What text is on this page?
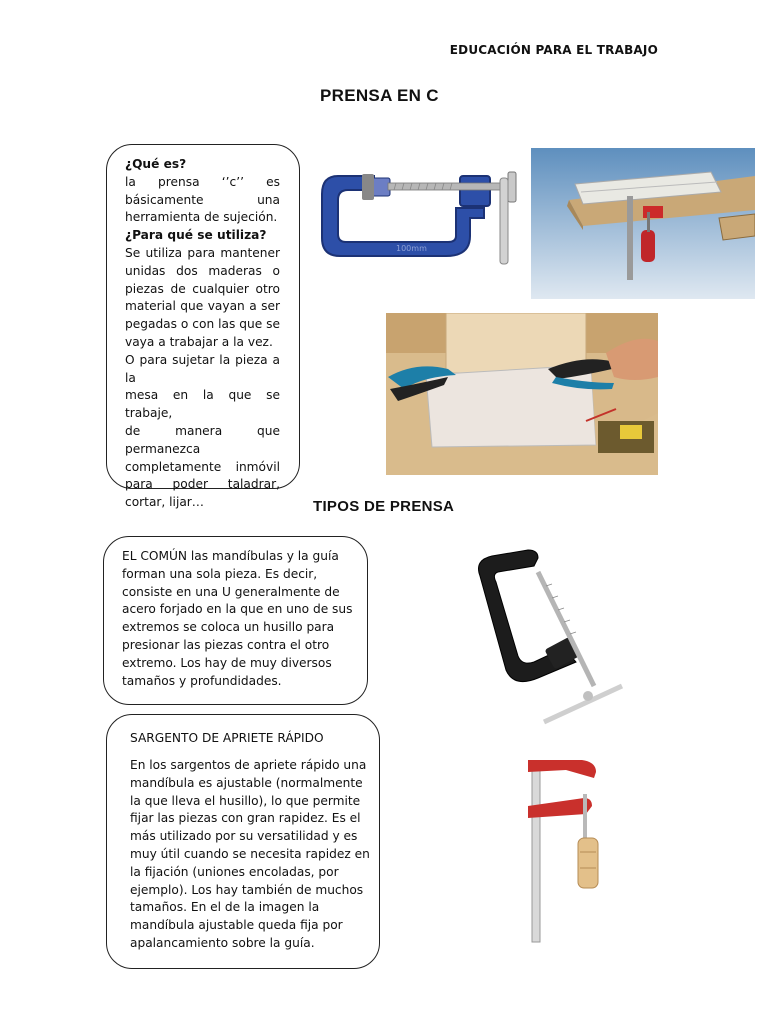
EDUCACIÓN PARA EL TRABAJO
PRENSA EN C
¿Qué es?
la prensa ‘’c’’ es
básicamente una
herramienta de sujeción.
¿Para qué se utiliza?
Se utiliza para mantener
unidas dos maderas o
piezas de cualquier otro
material que vayan a ser
pegadas o con las que se
vaya a trabajar a la vez.
O para sujetar la pieza a la
mesa en la que se trabaje,
de manera que
permanezca
completamente inmóvil
para poder taladrar,
cortar, lijar…
100mm
TIPOS DE PRENSA
EL COMÚN las mandíbulas y la guía
forman una sola pieza. Es decir,
consiste en una U generalmente de
acero forjado en la que en uno de sus
extremos se coloca un husillo para
presionar las piezas contra el otro
extremo. Los hay de muy diversos
tamaños y profundidades.
SARGENTO DE APRIETE RÁPIDO
En los sargentos de apriete rápido una
mandíbula es ajustable (normalmente
la que lleva el husillo), lo que permite
fijar las piezas con gran rapidez. Es el
más utilizado por su versatilidad y es
muy útil cuando se necesita rapidez en
la fijación (uniones encoladas, por
ejemplo). Los hay también de muchos
tamaños. En el de la imagen la
mandíbula ajustable queda fija por
apalancamiento sobre la guía.
